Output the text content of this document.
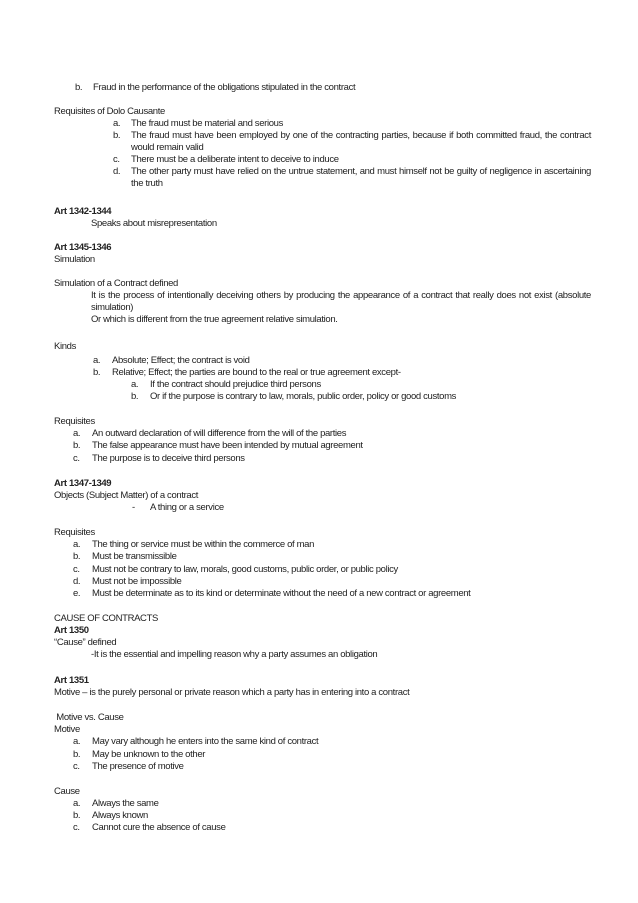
b. Fraud in the performance of the obligations stipulated in the contract
Requisites of Dolo Causante
a. The fraud must be material and serious
b. The fraud must have been employed by one of the contracting parties, because if both committed fraud, the contract would remain valid
c. There must be a deliberate intent to deceive to induce
d. The other party must have relied on the untrue statement, and must himself not be guilty of negligence in ascertaining the truth
Art 1342-1344
Speaks about misrepresentation
Art 1345-1346
Simulation
Simulation of a Contract defined
It is the process of intentionally deceiving others by producing the appearance of a contract that really does not exist (absolute simulation)
Or which is different from the true agreement relative simulation.
Kinds
a. Absolute; Effect; the contract is void
b. Relative; Effect; the parties are bound to the real or true agreement except-
a. If the contract should prejudice third persons
b. Or if the purpose is contrary to law, morals, public order, policy or good customs
Requisites
a. An outward declaration of will difference from the will of the parties
b. The false appearance must have been intended by mutual agreement
c. The purpose is to deceive third persons
Art 1347-1349
Objects (Subject Matter) of a contract
- A thing or a service
Requisites
a. The thing or service must be within the commerce of man
b. Must be transmissible
c. Must not be contrary to law, morals, good customs, public order, or public policy
d. Must not be impossible
e. Must be determinate as to its kind or determinate without the need of a new contract or agreement
CAUSE OF CONTRACTS
Art 1350
“Cause” defined
-It is the essential and impelling reason why a party assumes an obligation
Art 1351
Motive – is the purely personal or private reason which a party has in entering into a contract
Motive vs. Cause
Motive
a. May vary although he enters into the same kind of contract
b. May be unknown to the other
c. The presence of motive
Cause
a. Always the same
b. Always known
c. Cannot cure the absence of cause
